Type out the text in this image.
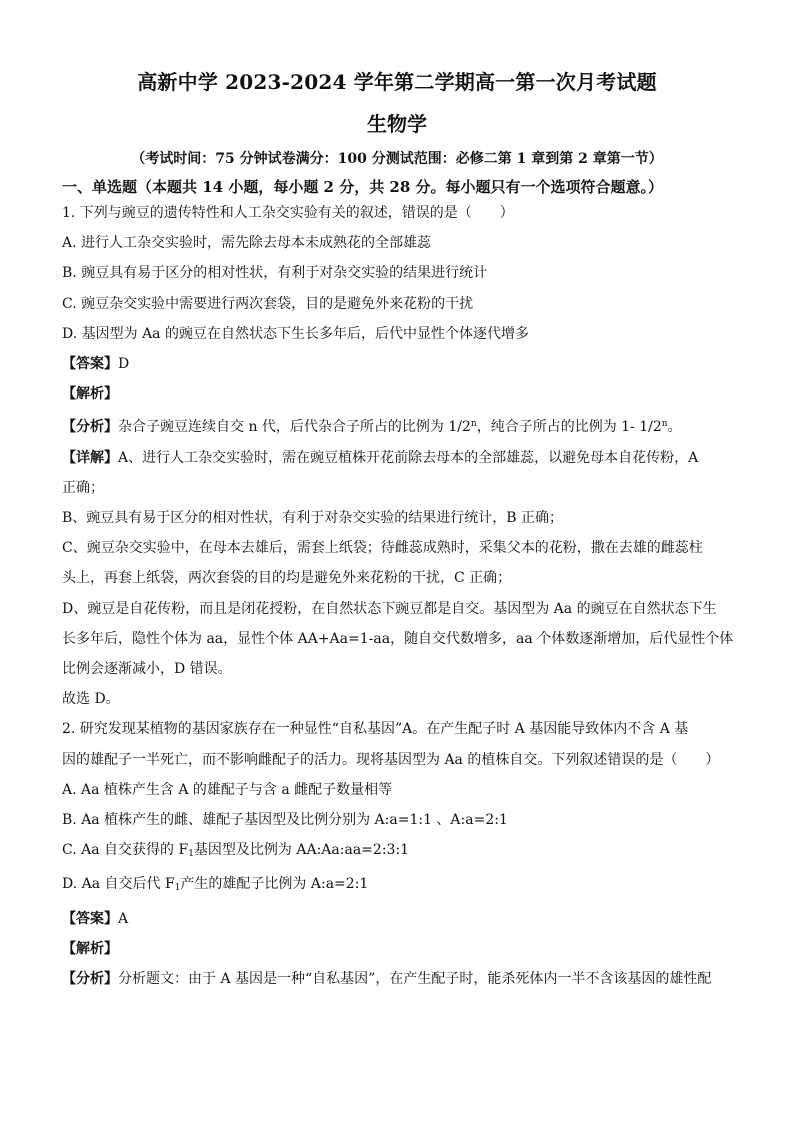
高新中学 2023-2024 学年第二学期高一第一次月考试题
生物学

（考试时间：75 分钟试卷满分：100 分测试范围：必修二第 1 章到第 2 章第一节）

一、单选题（本题共 14 小题，每小题 2 分，共 28 分。每小题只有一个选项符合题意。）

1. 下列与豌豆的遗传特性和人工杂交实验有关的叙述，错误的是（　　）

A. 进行人工杂交实验时，需先除去母本未成熟花的全部雄蕊

B. 豌豆具有易于区分的相对性状，有利于对杂交实验的结果进行统计

C. 豌豆杂交实验中需要进行两次套袋，目的是避免外来花粉的干扰

D. 基因型为 Aa 的豌豆在自然状态下生长多年后，后代中显性个体逐代增多

【答案】D

【解析】

【分析】杂合子豌豆连续自交 n 代，后代杂合子所占的比例为 1/2$^n$，纯合子所占的比例为 1- 1/2$^n$。

【详解】A、进行人工杂交实验时，需在豌豆植株开花前除去母本的全部雄蕊，以避免母本自花传粉，A

正确；

B、豌豆具有易于区分的相对性状，有利于对杂交实验的结果进行统计，B 正确；

C、豌豆杂交实验中，在母本去雄后，需套上纸袋；待雌蕊成熟时，采集父本的花粉，撒在去雄的雌蕊柱

头上，再套上纸袋，两次套袋的目的均是避免外来花粉的干扰，C 正确；

D、豌豆是自花传粉，而且是闭花授粉，在自然状态下豌豆都是自交。基因型为 Aa 的豌豆在自然状态下生

长多年后，隐性个体为 aa，显性个体 AA+Aa=1-aa，随自交代数增多，aa 个体数逐渐增加，后代显性个体

比例会逐渐减小，D 错误。

故选 D。

2. 研究发现某植物的基因家族存在一种显性“自私基因”A。在产生配子时 A 基因能导致体内不含 A 基

因的雄配子一半死亡，而不影响雌配子的活力。现将基因型为 Aa 的植株自交。下列叙述错误的是（　　）

A. Aa 植株产生含 A 的雄配子与含 a 雌配子数量相等

B. Aa 植株产生的雌、雄配子基因型及比例分别为 A:a=1:1 、A:a=2:1

C. Aa 自交获得的 $F_1$基因型及比例为 AA:Aa:aa=2:3:1

D. Aa 自交后代 $F_1$产生的雄配子比例为 A:a=2:1

【答案】A

【解析】

【分析】分析题文：由于 A 基因是一种“自私基因”，在产生配子时，能杀死体内一半不含该基因的雄性配
